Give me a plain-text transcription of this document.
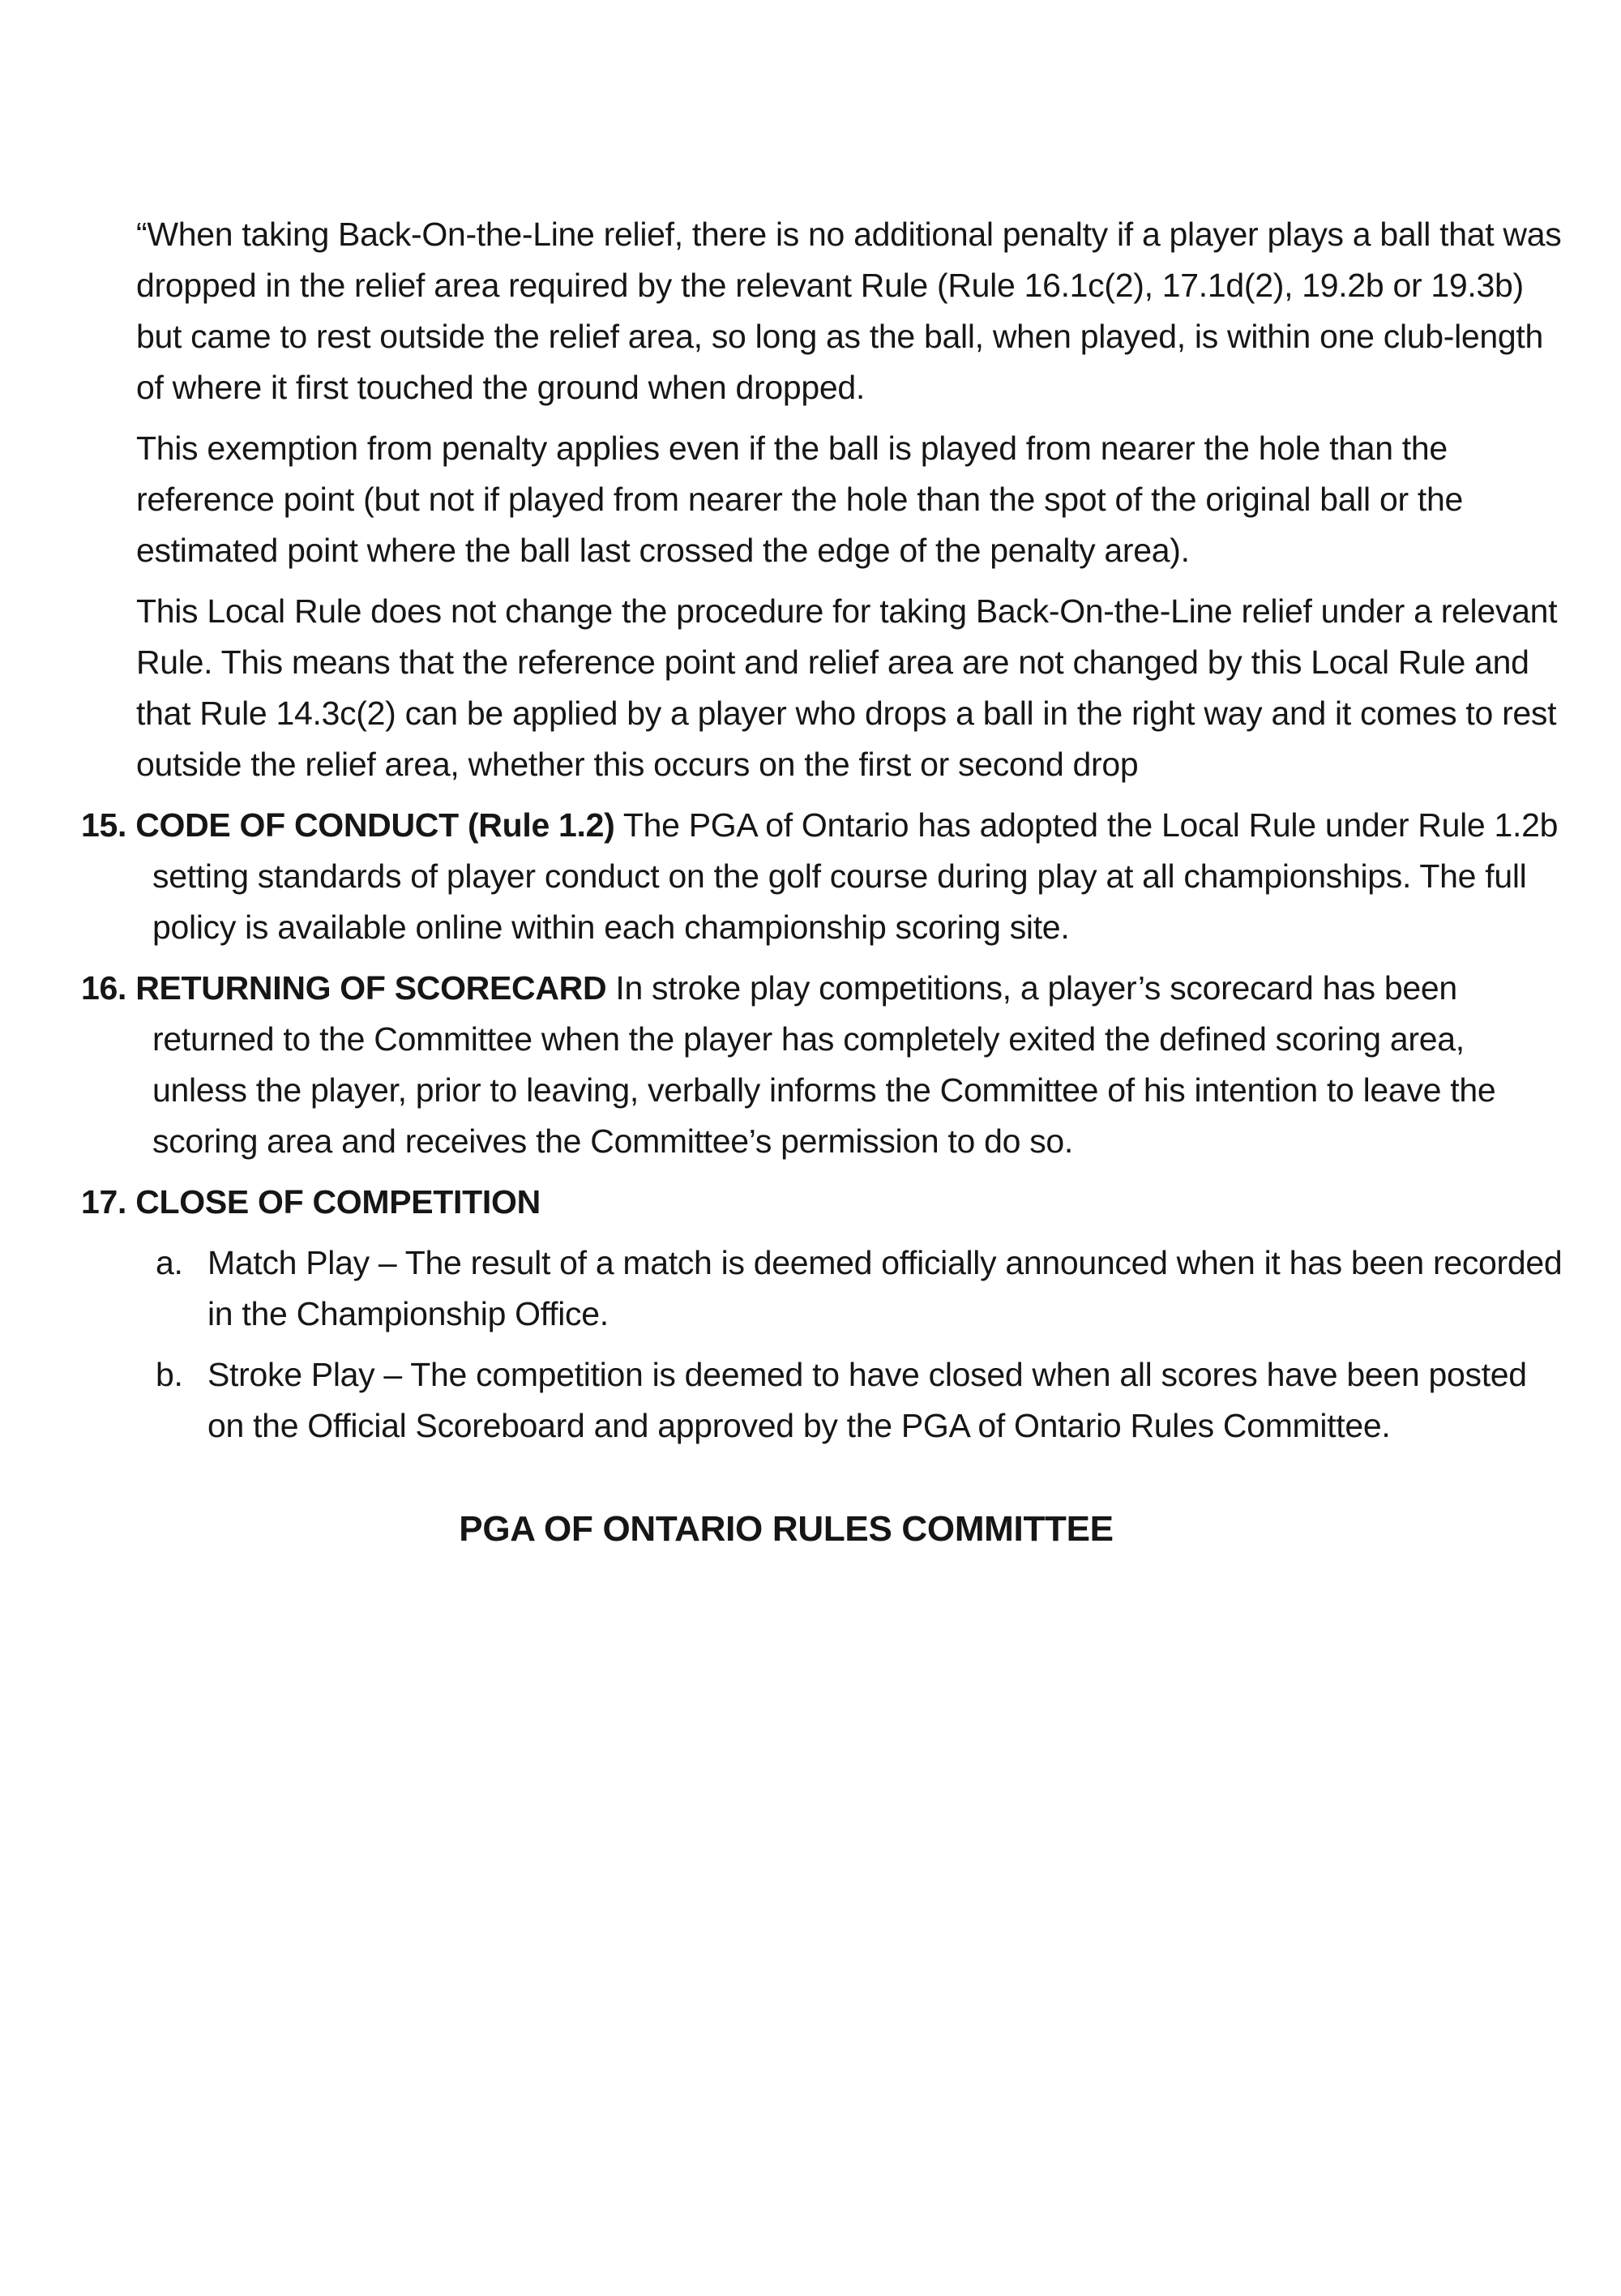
“When taking Back-On-the-Line relief, there is no additional penalty if a player plays a ball that was dropped in the relief area required by the relevant Rule (Rule 16.1c(2), 17.1d(2), 19.2b or 19.3b) but came to rest outside the relief area, so long as the ball, when played, is within one club-length of where it first touched the ground when dropped.

This exemption from penalty applies even if the ball is played from nearer the hole than the reference point (but not if played from nearer the hole than the spot of the original ball or the estimated point where the ball last crossed the edge of the penalty area).

This Local Rule does not change the procedure for taking Back-On-the-Line relief under a relevant Rule. This means that the reference point and relief area are not changed by this Local Rule and that Rule 14.3c(2) can be applied by a player who drops a ball in the right way and it comes to rest outside the relief area, whether this occurs on the first or second drop

15. CODE OF CONDUCT (Rule 1.2) The PGA of Ontario has adopted the Local Rule under Rule 1.2b setting standards of player conduct on the golf course during play at all championships. The full policy is available online within each championship scoring site.

16. RETURNING OF SCORECARD In stroke play competitions, a player’s scorecard has been returned to the Committee when the player has completely exited the defined scoring area, unless the player, prior to leaving, verbally informs the Committee of his intention to leave the scoring area and receives the Committee’s permission to do so.

17. CLOSE OF COMPETITION

a. Match Play – The result of a match is deemed officially announced when it has been recorded in the Championship Office.
b. Stroke Play – The competition is deemed to have closed when all scores have been posted on the Official Scoreboard and approved by the PGA of Ontario Rules Committee.

PGA OF ONTARIO RULES COMMITTEE
